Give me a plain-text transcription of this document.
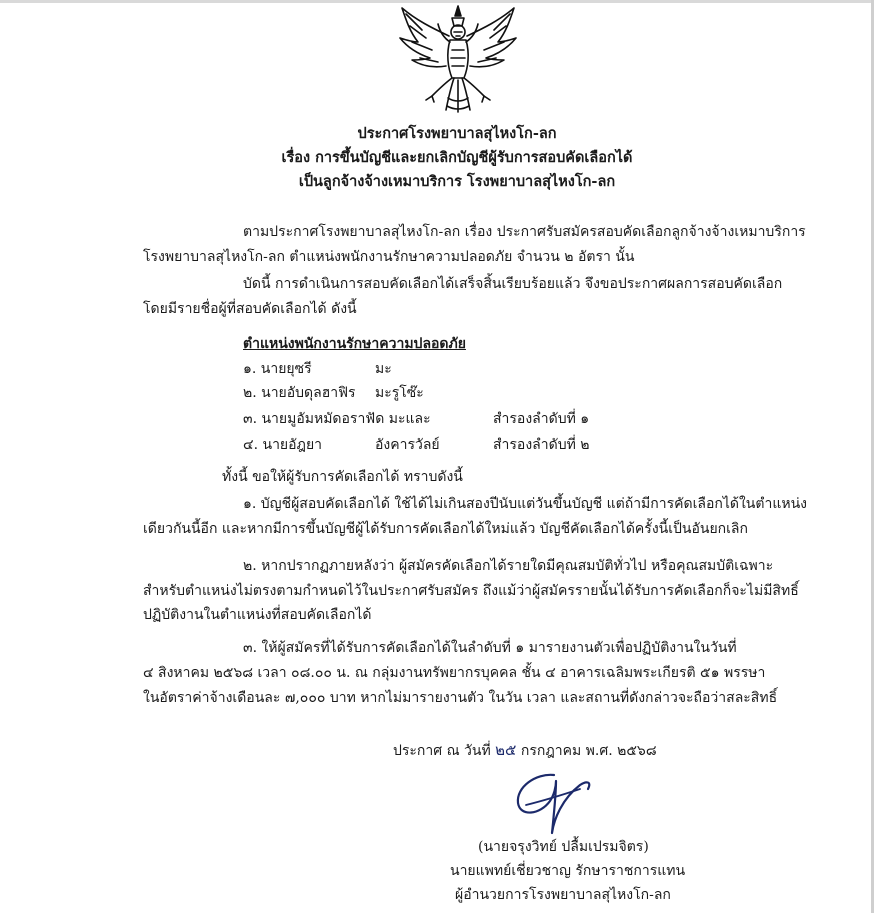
ประกาศโรงพยาบาลสุไหงโก-ลก
เรื่อง การขึ้นบัญชีและยกเลิกบัญชีผู้รับการสอบคัดเลือกได้
เป็นลูกจ้างจ้างเหมาบริการ โรงพยาบาลสุไหงโก-ลก
ตามประกาศโรงพยาบาลสุไหงโก-ลก เรื่อง ประกาศรับสมัครสอบคัดเลือกลูกจ้างจ้างเหมาบริการ
โรงพยาบาลสุไหงโก-ลก ตำแหน่งพนักงานรักษาความปลอดภัย จำนวน ๒ อัตรา นั้น
บัดนี้ การดำเนินการสอบคัดเลือกได้เสร็จสิ้นเรียบร้อยแล้ว จึงขอประกาศผลการสอบคัดเลือก
โดยมีรายชื่อผู้ที่สอบคัดเลือกได้ ดังนี้
ตำแหน่งพนักงานรักษาความปลอดภัย
๑. นายยุซรี	มะ
๒. นายอับดุลฮาฟิร มะรูโซ๊ะ
๓. นายมูอัมหมัดอราฟัด มะและ	สำรองลำดับที่ ๑
๔. นายอัฎยา	อังคารวัลย์	สำรองลำดับที่ ๒
ทั้งนี้ ขอให้ผู้รับการคัดเลือกได้ ทราบดังนี้
๑. บัญชีผู้สอบคัดเลือกได้ ใช้ได้ไม่เกินสองปีนับแต่วันขึ้นบัญชี แต่ถ้ามีการคัดเลือกได้ในตำแหน่ง
เดียวกันนี้อีก และหากมีการขึ้นบัญชีผู้ได้รับการคัดเลือกได้ใหม่แล้ว บัญชีคัดเลือกได้ครั้งนี้เป็นอันยกเลิก
๒. หากปรากฏภายหลังว่า ผู้สมัครคัดเลือกได้รายใดมีคุณสมบัติทั่วไป หรือคุณสมบัติเฉพาะ
สำหรับตำแหน่งไม่ตรงตามกำหนดไว้ในประกาศรับสมัคร ถึงแม้ว่าผู้สมัครรายนั้นได้รับการคัดเลือกก็จะไม่มีสิทธิ์
ปฏิบัติงานในตำแหน่งที่สอบคัดเลือกได้
๓. ให้ผู้สมัครที่ได้รับการคัดเลือกได้ในลำดับที่ ๑ มารายงานตัวเพื่อปฏิบัติงานในวันที่
๔ สิงหาคม ๒๕๖๘ เวลา ๐๘.๐๐ น. ณ กลุ่มงานทรัพยากรบุคคล ชั้น ๔ อาคารเฉลิมพระเกียรติ ๕๑ พรรษา
ในอัตราค่าจ้างเดือนละ ๗,๐๐๐ บาท หากไม่มารายงานตัว ในวัน เวลา และสถานที่ดังกล่าวจะถือว่าสละสิทธิ์
ประกาศ ณ วันที่ ๒๕ กรกฎาคม พ.ศ. ๒๕๖๘
(นายจรุงวิทย์ ปลื้มเปรมจิตร)
นายแพทย์เชี่ยวชาญ รักษาราชการแทน
ผู้อำนวยการโรงพยาบาลสุไหงโก-ลก
